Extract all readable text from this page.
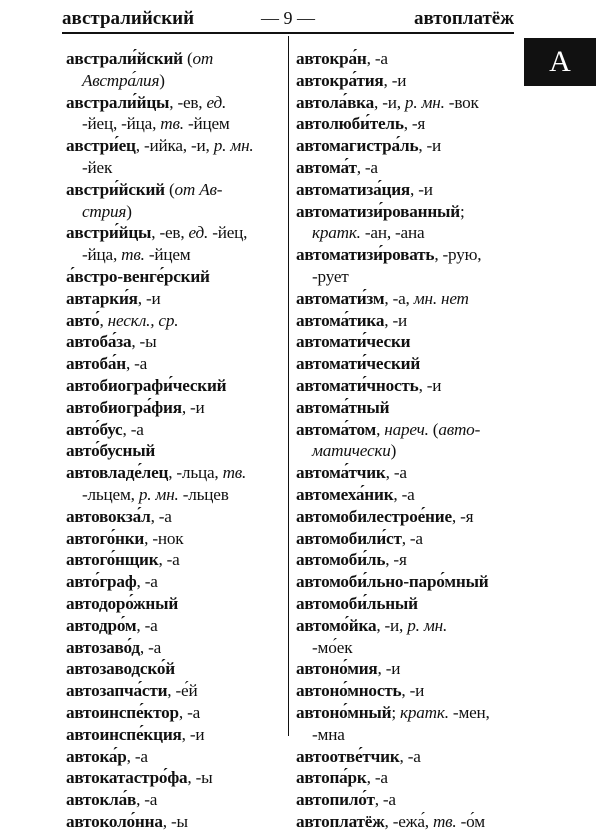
австралийский	— 9 —	автоплатёж
А
австрали́йский (от
Австра́лия)
австрали́йцы, -ев, ед.
-йец, -йца, тв. -йцем
австри́ец, -ийка, -и, р. мн.
-йек
австри́йский (от Ав-
стрия)
австри́йцы, -ев, ед. -йец,
-йца, тв. -йцем
а́встро-венге́рский
автарки́я, -и
авто́, нескл., ср.
автоба́за, -ы
автоба́н, -а
автобиографи́ческий
автобиогра́фия, -и
авто́бус, -а
авто́бусный
автовладе́лец, -льца, тв.
-льцем, р. мн. -льцев
автовокза́л, -а
автого́нки, -нок
автого́нщик, -а
авто́граф, -а
автодоро́жный
автодро́м, -а
автозаво́д, -а
автозаводско́й
автозапча́сти, -е́й
автоинспе́ктор, -а
автоинспе́кция, -и
автока́р, -а
автокатастро́фа, -ы
автокла́в, -а
автоколо́нна, -ы
автокра́н, -а
автокра́тия, -и
автола́вка, -и, р. мн. -вок
автолюби́тель, -я
автомагистра́ль, -и
автома́т, -а
автоматиза́ция, -и
автоматизи́рованный;
кратк. -ан, -ана
автоматизи́ровать, -рую,
-рует
автомати́зм, -а, мн. нет
автома́тика, -и
автомати́чески
автомати́ческий
автомати́чность, -и
автома́тный
автома́том, нареч. (авто-
матически)
автома́тчик, -а
автомеха́ник, -а
автомобилестрое́ние, -я
автомобили́ст, -а
автомоби́ль, -я
автомоби́льно-паро́мный
автомоби́льный
автомо́йка, -и, р. мн.
-мо́ек
автоно́мия, -и
автоно́мность, -и
автоно́мный; кратк. -мен,
-мна
автоотве́тчик, -а
автопа́рк, -а
автопило́т, -а
автоплатёж, -ежа́, тв. -о́м
